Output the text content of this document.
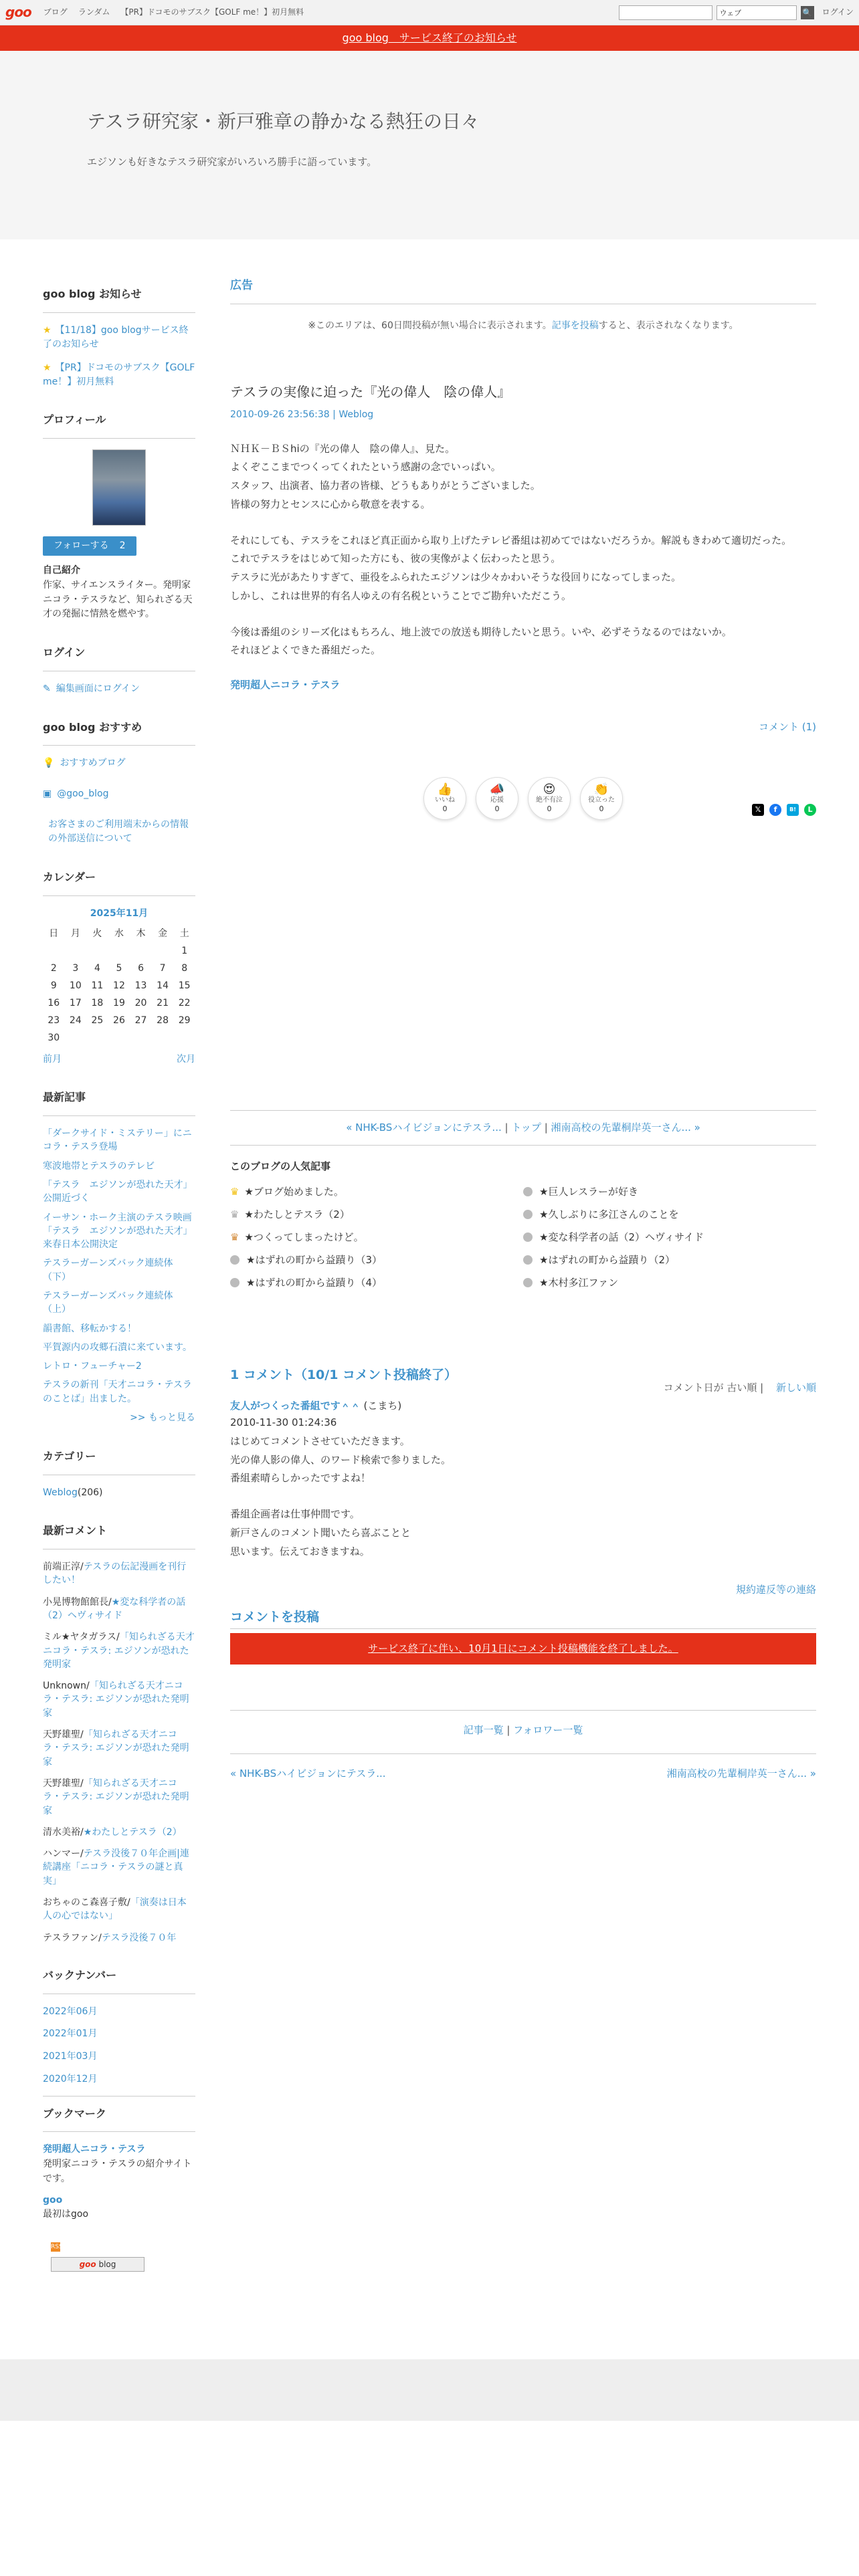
goo ブログ ランダム 【PR】ドコモのサブスク【GOLF me！】初月無料	ウェブ	🔍 ログイン
goo blog　サービス終了のお知らせ
テスラ研究家・新戸雅章の静かなる熱狂の日々

エジソンも好きなテスラ研究家がいろいろ勝手に語っています。

goo blog お知らせ
★ 【11/18】goo blogサービス終了のお知らせ
★ 【PR】ドコモのサブスク【GOLF me！】初月無料
プロフィール
フォローする 2
自己紹介
作家、サイエンスライター。発明家ニコラ・テスラなど、知られざる天才の発掘に情熱を燃やす。
ログイン
✎ 編集画面にログイン
goo blog おすすめ
💡 おすすめブログ
▣ @goo_blog
お客さまのご利用端末からの情報の外部送信について
カレンダー
2025年11月
日	月	火	水	木	金	土
						1
2	3	4	5	6	7	8
9	10	11	12	13	14	15
16	17	18	19	20	21	22
23	24	25	26	27	28	29
30						
前月	次月
最新記事
「ダークサイド・ミステリー」にニコラ・テスラ登場
寒波地帯とテスラのテレビ
「テスラ　エジソンが恐れた天才」公開近づく
イーサン・ホーク主演のテスラ映画「テスラ　エジソンが恐れた天才」来春日本公開決定
テスラーガーンズバック連続体（下）
テスラーガーンズバック連続体（上）
韻書館、移転かする！
平賀源内の攻郷石潰に来ています。
レトロ・フューチャー2
テスラの新刊「天才ニコラ・テスラのことば」出ました。
>> もっと見る
カテゴリー
Weblog(206)
最新コメント
前端正淳/テスラの伝記漫画を刊行したい！
小晃博物館館長/★変な科学者の話（2）ヘヴィサイド
ミル★ヤタガラス/「知られざる天才ニコラ・テスラ: エジソンが恐れた発明家
Unknown/「知られざる天才ニコラ・テスラ: エジソンが恐れた発明家
天野雄聖/「知られざる天才ニコラ・テスラ: エジソンが恐れた発明家
天野雄聖/「知られざる天才ニコラ・テスラ: エジソンが恐れた発明家
清水美裕/★わたしとテスラ（2）
ハンマー/テスラ没後７０年企画|連続講座「ニコラ・テスラの謎と真実」
おちゃのこ森喜子敷/「演奏は日本人の心ではない」
テスラファン/テスラ没後７０年
バックナンバー
2022年06月
2022年01月
2021年03月
2020年12月
ブックマーク
発明超人ニコラ・テスラ
発明家ニコラ・テスラの紹介サイトです。
goo
最初はgoo
RSS
goo blog
広告
※このエリアは、60日間投稿が無い場合に表示されます。記事を投稿すると、表示されなくなります。
テスラの実像に迫った『光の偉人　陰の偉人』
2010-09-26 23:56:38 | Weblog

ＮＨＫ－ＢＳhiの『光の偉人　陰の偉人』、見た。

よくぞここまでつくってくれたという感謝の念でいっぱい。

スタッフ、出演者、協力者の皆様、どうもありがとうございました。

皆様の努力とセンスに心から敬意を表する。

それにしても、テスラをこれほど真正面から取り上げたテレビ番組は初めてではないだろうか。解説もきわめて適切だった。

これでテスラをはじめて知った方にも、彼の実像がよく伝わったと思う。

テスラに光があたりすぎて、亜役をふられたエジソンは少々かわいそうな役回りになってしまった。

しかし、これは世界的有名人ゆえの有名税ということでご勘弁いただこう。

今後は番組のシリーズ化はもちろん、地上波での放送も期待したいと思う。いや、必ずそうなるのではないか。

それほどよくできた番組だった。

発明超人ニコラ・テスラ
コメント (1)
👍
いいね
0
📣
応援
0
😍
絶不有泣
0
👏
役立った
0	𝕏	f	B!	L
« NHK-BSハイビジョンにテスラ... | トップ | 湘南高校の先輩桐岸英一さん... »
このブログの人気記事
♛ ★ブログ始めました。	★巨人レスラーが好き
♛ ★わたしとテスラ（2）	★久しぶりに多江さんのことを
♛ ★つくってしまったけど。	★変な科学者の話（2）ヘヴィサイド
★はずれの町から益蹟り（3）	★はずれの町から益蹟り（2）
★はずれの町から益蹟り（4）	★木村多江ファン
1 コメント（10/1 コメント投稿終了）
コメント日が 古い順 | 新しい順
友人がつくった番組です＾＾ (こまち)
2010-11-30 01:24:36
はじめてコメントさせていただきます。
光の偉人影の偉人、のワード検索で参りました。
番組素晴らしかったですよね！
番組企画者は仕事仲間です。
新戸さんのコメント聞いたら喜ぶことと
思います。伝えておきますね。
規約違反等の連絡
コメントを投稿
サービス終了に伴い、10月1日にコメント投稿機能を終了しました。
記事一覧 | フォロワー一覧
« NHK-BSハイビジョンにテスラ...	湘南高校の先輩桐岸英一さん... »
